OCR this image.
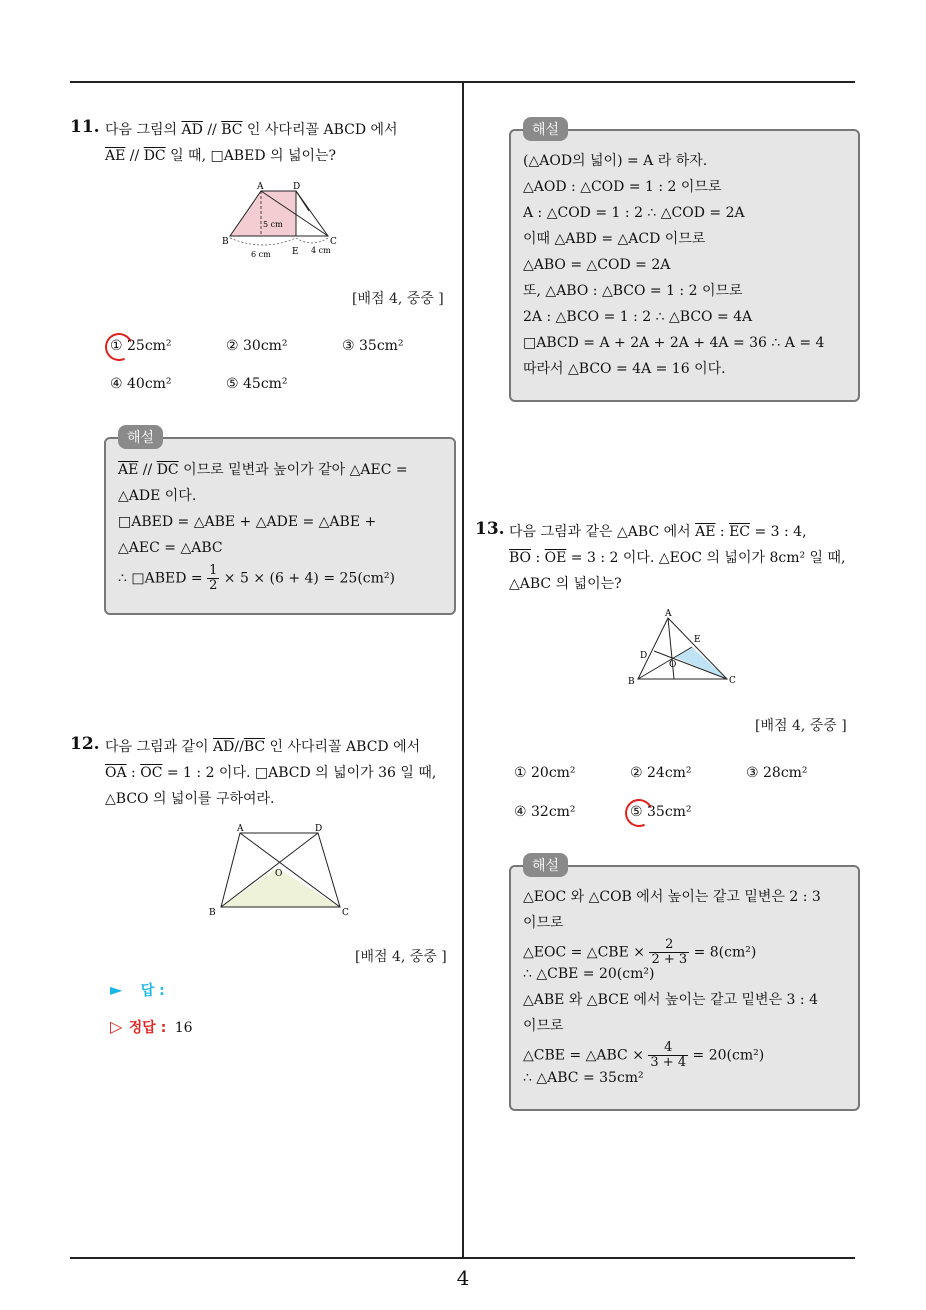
11. 다음 그림의 $\overline{AD} // \overline{BC}$ 인 사다리꼴 ABCD 에서
$\overline{AE} // \overline{DC}$ 일 때, □ABED 의 넓이는?
A	D
B
E
C
5 cm
6 cm	4 cm
[배점 4, 중중 ]
① 25cm²	② 30cm²	③ 35cm²
④ 40cm²	⑤ 45cm²
해설
$\overline{AE} // \overline{DC}$ 이므로 밑변과 높이가 같아 △AEC =
△ADE 이다.
□ABED = △ABE + △ADE = △ABE +
△AEC = △ABC
∴ □ABED = $\frac{1}{2} \times 5 \times (6 + 4) = 25(cm^2)$
12. 다음 그림과 같이 $\overline{AD}//\overline{BC}$ 인 사다리꼴 ABCD 에서
$\overline{OA}$ : $\overline{OC} = 1$ : 2 이다. □ABCD 의 넓이가 36 일 때,
△BCO 의 넓이를 구하여라.
A	D
B	C
O
[배점 4, 중중 ]
► 답 :
▷ 정답 : 16
해설
(△AOD의 넓이) = A 라 하자.
△AOD : △COD = 1 : 2 이므로
A : △COD = 1 : 2 ∴ △COD = 2A
이때 △ABD = △ACD 이므로
△ABO = △COD = 2A
또, △ABO : △BCO = 1 : 2 이므로
2A : △BCO = 1 : 2 ∴ △BCO = 4A
□ABCD = A + 2A + 2A + 4A = 36 ∴ A = 4
따라서 △BCO = 4A = 16 이다.
13. 다음 그림과 같은 △ABC 에서 $\overline{AE}$ : $\overline{EC} = 3$ : 4,
$\overline{BO}$ : $\overline{OE} = 3$ : 2 이다. △EOC 의 넓이가 8cm² 일 때,
△ABC 의 넓이는?
A
E
D
O
B	C
[배점 4, 중중 ]
① 20cm²	② 24cm²	③ 28cm²
④ 32cm²	⑤ 35cm²
해설
△EOC 와 △COB 에서 높이는 같고 밑변은 2 : 3
이므로
△EOC = △CBE × $\frac{2}{2 + 3} = 8(cm^2)$
∴ △CBE = 20(cm²)
△ABE 와 △BCE 에서 높이는 같고 밑변은 3 : 4
이므로
△CBE = △ABC × $\frac{4}{3 + 4} = 20(cm^2)$
∴ △ABC = 35cm²
4
